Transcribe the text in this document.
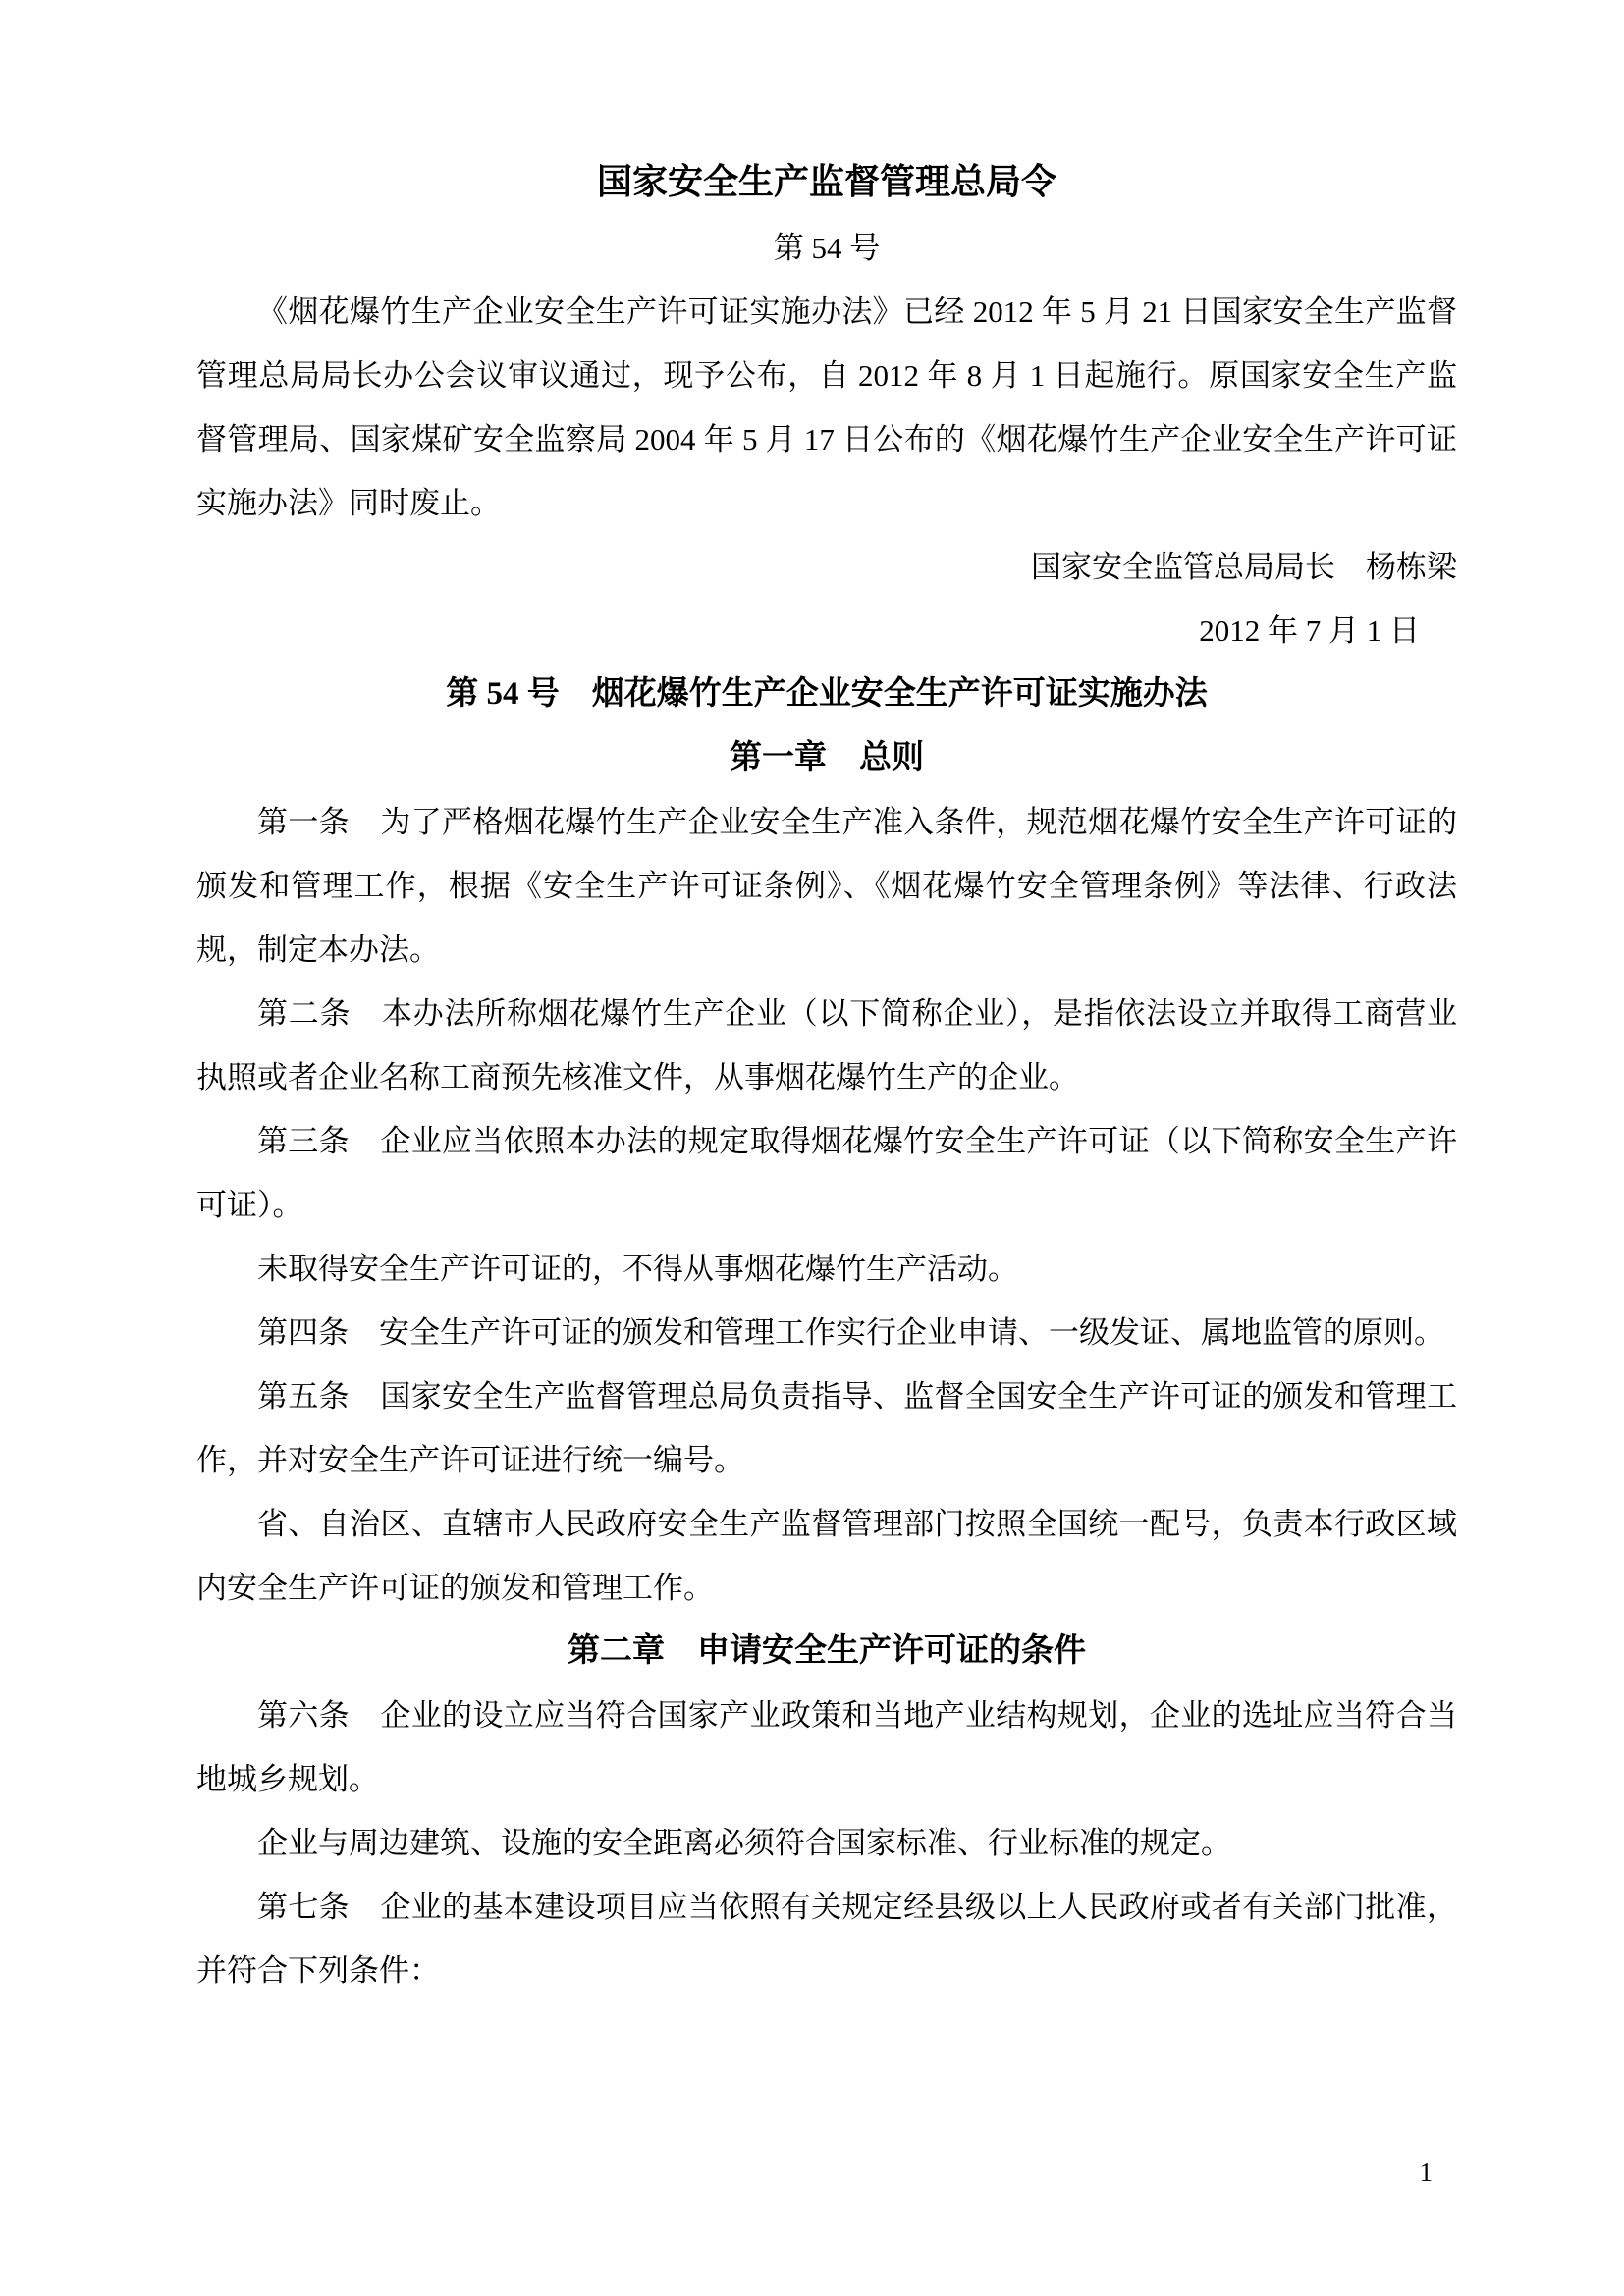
国家安全生产监督管理总局令

第 54 号

《烟花爆竹生产企业安全生产许可证实施办法》已经 2012 年 5 月 21 日国家安全生产监督管理总局局长办公会议审议通过，现予公布，自 2012 年 8 月 1 日起施行。原国家安全生产监督管理局、国家煤矿安全监察局 2004 年 5 月 17 日公布的《烟花爆竹生产企业安全生产许可证实施办法》同时废止。

国家安全监管总局局长　杨栋梁

2012 年 7 月 1 日

第 54 号　烟花爆竹生产企业安全生产许可证实施办法
第一章　总则

第一条　为了严格烟花爆竹生产企业安全生产准入条件，规范烟花爆竹安全生产许可证的颁发和管理工作，根据《安全生产许可证条例》、《烟花爆竹安全管理条例》等法律、行政法规，制定本办法。

第二条　本办法所称烟花爆竹生产企业（以下简称企业），是指依法设立并取得工商营业执照或者企业名称工商预先核准文件，从事烟花爆竹生产的企业。

第三条　企业应当依照本办法的规定取得烟花爆竹安全生产许可证（以下简称安全生产许可证）。

未取得安全生产许可证的，不得从事烟花爆竹生产活动。

第四条　安全生产许可证的颁发和管理工作实行企业申请、一级发证、属地监管的原则。

第五条　国家安全生产监督管理总局负责指导、监督全国安全生产许可证的颁发和管理工作，并对安全生产许可证进行统一编号。

省、自治区、直辖市人民政府安全生产监督管理部门按照全国统一配号，负责本行政区域内安全生产许可证的颁发和管理工作。

第二章　申请安全生产许可证的条件

第六条　企业的设立应当符合国家产业政策和当地产业结构规划，企业的选址应当符合当地城乡规划。

企业与周边建筑、设施的安全距离必须符合国家标准、行业标准的规定。

第七条　企业的基本建设项目应当依照有关规定经县级以上人民政府或者有关部门批准，并符合下列条件：

1
